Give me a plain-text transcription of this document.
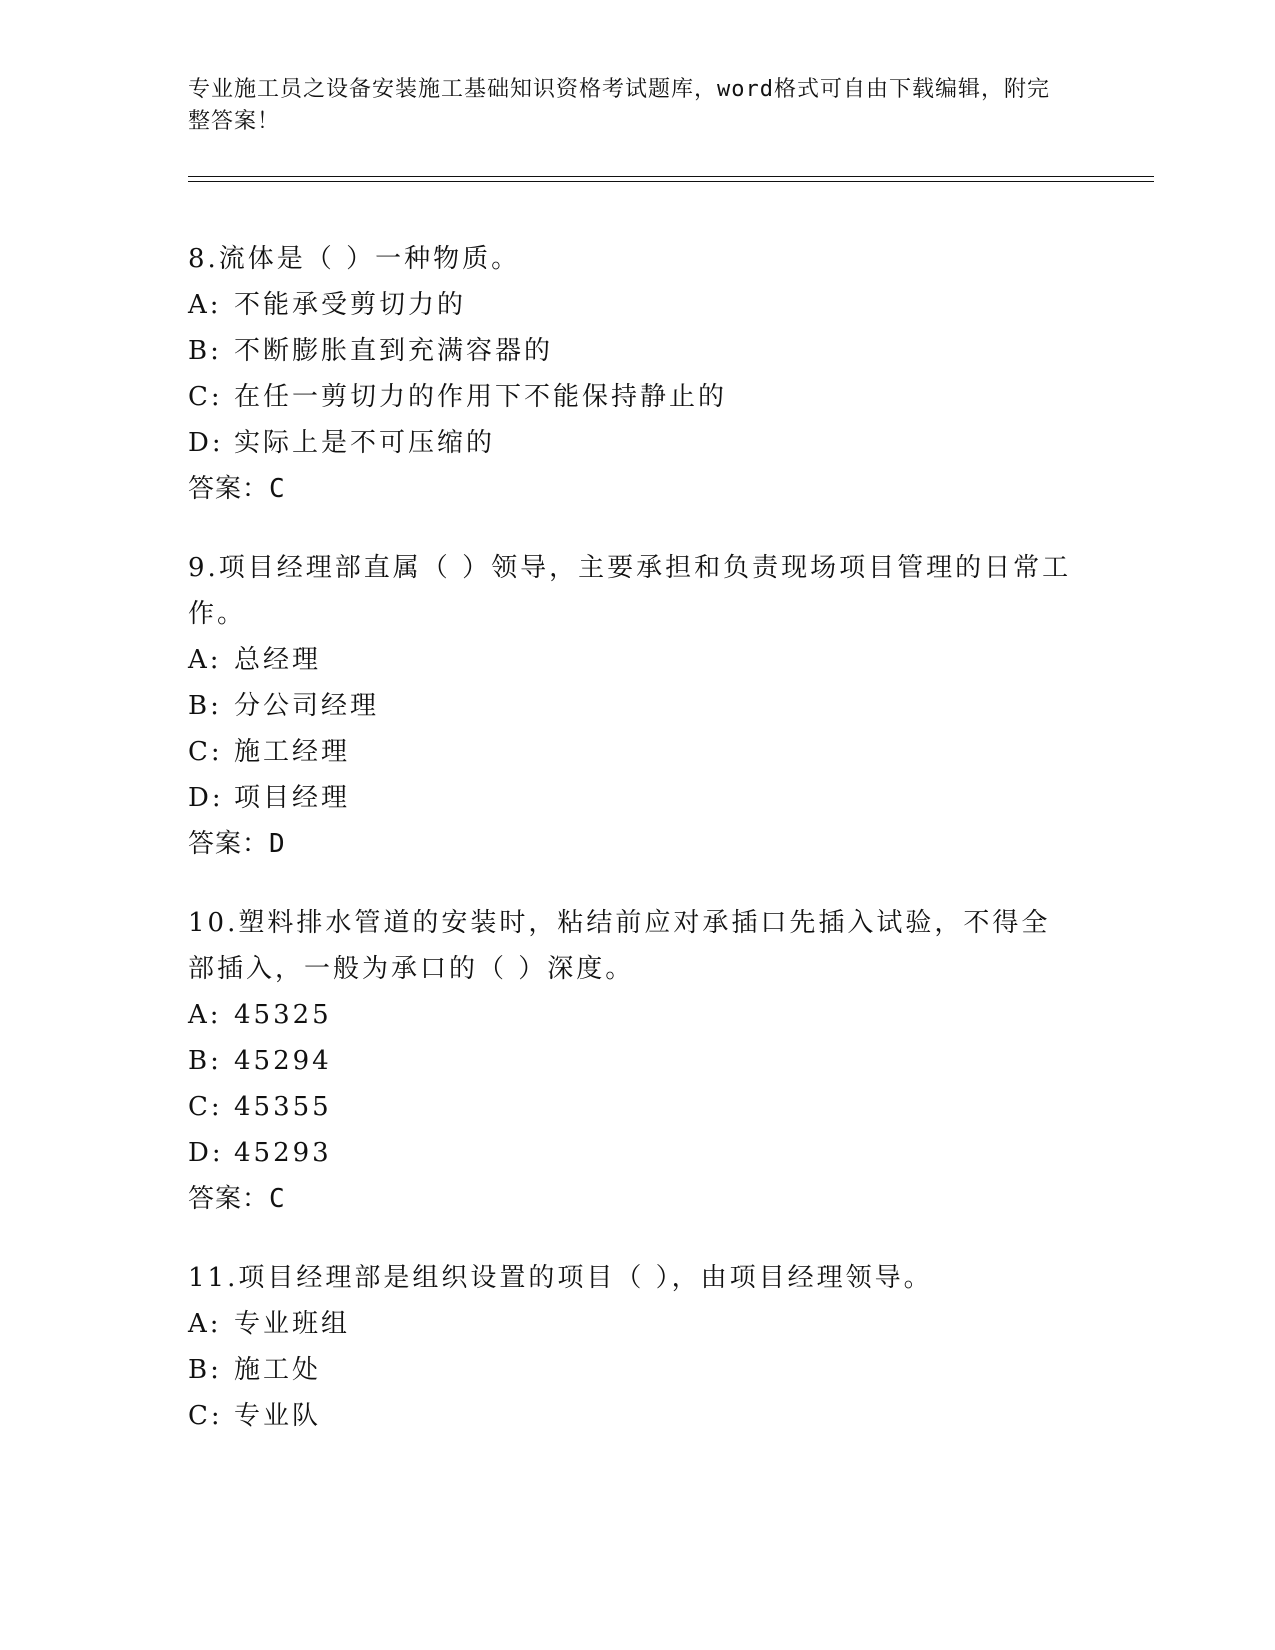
专业施工员之设备安装施工基础知识资格考试题库，word格式可自由下载编辑，附完整答案！
8.流体是（ ）一种物质。
A: 不能承受剪切力的
B: 不断膨胀直到充满容器的
C: 在任一剪切力的作用下不能保持静止的
D: 实际上是不可压缩的
答案：C
9.项目经理部直属（ ）领导，主要承担和负责现场项目管理的日常工作。
A: 总经理
B: 分公司经理
C: 施工经理
D: 项目经理
答案：D
10.塑料排水管道的安装时，粘结前应对承插口先插入试验，不得全部插入，一般为承口的（ ）深度。
A: 45325
B: 45294
C: 45355
D: 45293
答案：C
11.项目经理部是组织设置的项目（ ），由项目经理领导。
A: 专业班组
B: 施工处
C: 专业队
